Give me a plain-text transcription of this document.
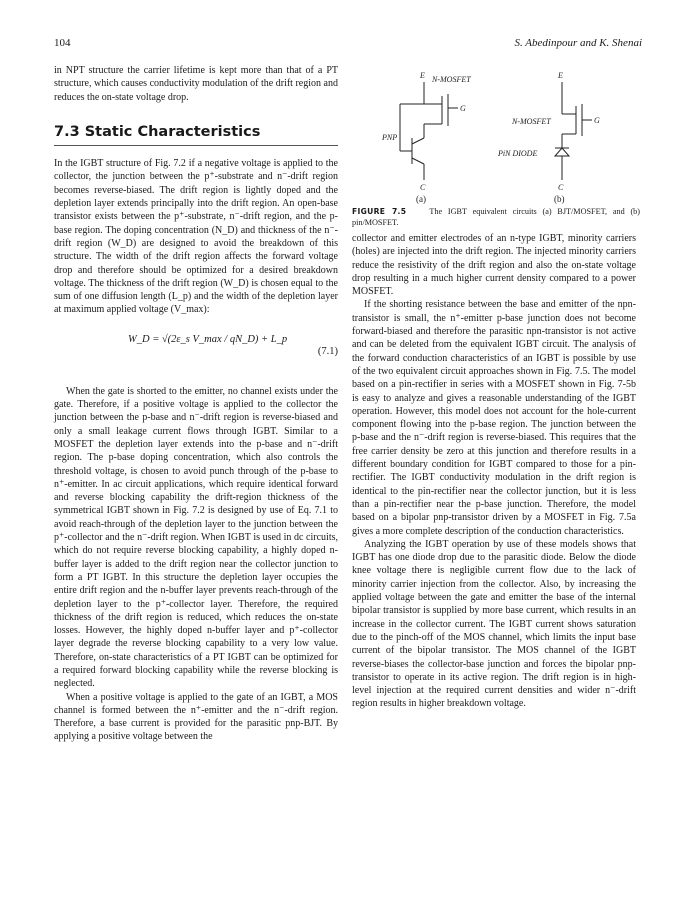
104	S. Abedinpour and K. Shenai

in NPT structure the carrier lifetime is kept more than that of a PT structure, which causes conductivity modulation of the drift region and reduces the on-state voltage drop.

7.3 Static Characteristics

In the IGBT structure of Fig. 7.2 if a negative voltage is applied to the collector, the junction between the p⁺-substrate and n⁻-drift region becomes reverse-biased. The drift region is lightly doped and the depletion layer extends principally into the drift region. An open-base transistor exists between the p⁺-substrate, n⁻-drift region, and the p-base region. The doping concentration (N_D) and thickness of the n⁻-drift region (W_D) are designed to avoid the breakdown of this structure. The width of the drift region affects the forward voltage drop and therefore should be optimized for a desired breakdown voltage. The thickness of the drift region (W_D) is chosen equal to the sum of one diffusion length (L_p) and the width of the depletion layer at maximum applied voltage (V_max):

W_D = √(2ε_s V_max / qN_D) + L_p
(7.1)

When the gate is shorted to the emitter, no channel exists under the gate. Therefore, if a positive voltage is applied to the collector the junction between the p-base and n⁻-drift region is reverse-biased and only a small leakage current flows through IGBT. Similar to a MOSFET the depletion layer extends into the p-base and n⁻-drift region. The p-base doping concentration, which also controls the threshold voltage, is chosen to avoid punch through of the p-base to n⁺-emitter. In ac circuit applications, which require identical forward and reverse blocking capability the drift-region thickness of the symmetrical IGBT shown in Fig. 7.2 is designed by use of Eq. 7.1 to avoid reach-through of the depletion layer to the junction between the p⁺-collector and the n⁻-drift region. When IGBT is used in dc circuits, which do not require reverse blocking capability, a highly doped n-buffer layer is added to the drift region near the collector junction to form a PT IGBT. In this structure the depletion layer occupies the entire drift region and the n-buffer layer prevents reach-through of the depletion layer to the p⁺-collector layer. Therefore, the required thickness of the drift region is reduced, which reduces the on-state losses. However, the highly doped n-buffer layer and p⁺-collector layer degrade the reverse blocking capability to a very low value. Therefore, on-state characteristics of a PT IGBT can be optimized for a required forward blocking capability while the reverse blocking is neglected.

When a positive voltage is applied to the gate of an IGBT, a MOS channel is formed between the n⁺-emitter and the n⁻-drift region. Therefore, a base current is provided for the parasitic pnp-BJT. By applying a positive voltage between the

E N-MOSFET
G
PNP
C
E
N-MOSFET	G
PiN DIODE
C
(a)	(b)
FIGURE 7.5	The IGBT equivalent circuits (a) BJT/MOSFET, and (b) pin/MOSFET.

collector and emitter electrodes of an n-type IGBT, minority carriers (holes) are injected into the drift region. The injected minority carriers reduce the resistivity of the drift region and also the on-state voltage drop resulting in a much higher current density compared to a power MOSFET.

If the shorting resistance between the base and emitter of the npn-transistor is small, the n⁺-emitter p-base junction does not become forward-biased and therefore the parasitic npn-transistor is not active and can be deleted from the equivalent IGBT circuit. The analysis of the forward conduction characteristics of an IGBT is possible by use of the two equivalent circuit approaches shown in Fig. 7.5. The model based on a pin-rectifier in series with a MOSFET shown in Fig. 7-5b is easy to analyze and gives a reasonable understanding of the IGBT operation. However, this model does not account for the hole-current component flowing into the p-base region. The junction between the p-base and the n⁻-drift region is reverse-biased. This requires that the free carrier density be zero at this junction and therefore results in a different boundary condition for IGBT compared to those for a pin-rectifier. The IGBT conductivity modulation in the drift region is identical to the pin-rectifier near the collector junction, but it is less than a pin-rectifier near the p-base junction. Therefore, the model based on a bipolar pnp-transistor driven by a MOSFET in Fig. 7.5a gives a more complete description of the conduction characteristics.

Analyzing the IGBT operation by use of these models shows that IGBT has one diode drop due to the parasitic diode. Below the diode knee voltage there is negligible current flow due to the lack of minority carrier injection from the collector. Also, by increasing the applied voltage between the gate and emitter the base of the internal bipolar transistor is supplied by more base current, which results in an increase in the collector current. The IGBT current shows saturation due to the pinch-off of the MOS channel, which limits the input base current of the bipolar transistor. The MOS channel of the IGBT reverse-biases the collector-base junction and forces the bipolar pnp-transistor to operate in its active region. The drift region is in high-level injection at the required current densities and wider n⁻-drift region results in higher breakdown voltage.
